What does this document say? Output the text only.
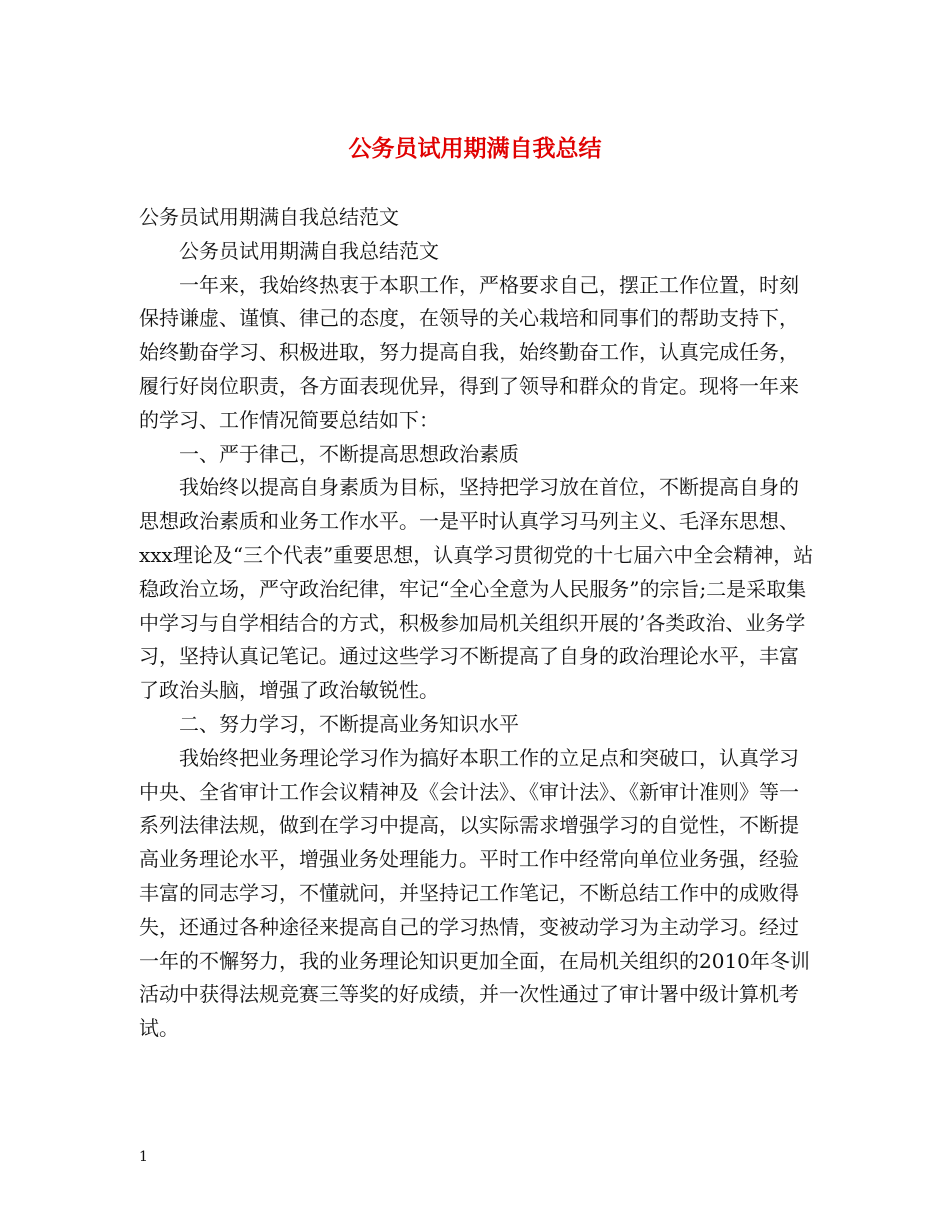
公务员试用期满自我总结

公务员试用期满自我总结范文

公务员试用期满自我总结范文

一年来，我始终热衷于本职工作，严格要求自己，摆正工作位置，时刻保持谦虚、谨慎、律己的态度，在领导的关心栽培和同事们的帮助支持下，始终勤奋学习、积极进取，努力提高自我，始终勤奋工作，认真完成任务，履行好岗位职责，各方面表现优异，得到了领导和群众的肯定。现将一年来的学习、工作情况简要总结如下：

一、严于律己，不断提高思想政治素质

我始终以提高自身素质为目标，坚持把学习放在首位，不断提高自身的思想政治素质和业务工作水平。一是平时认真学习马列主义、毛泽东思想、xxx理论及“三个代表”重要思想，认真学习贯彻党的十七届六中全会精神，站稳政治立场，严守政治纪律，牢记“全心全意为人民服务”的宗旨;二是采取集中学习与自学相结合的方式，积极参加局机关组织开展的’各类政治、业务学习，坚持认真记笔记。通过这些学习不断提高了自身的政治理论水平，丰富了政治头脑，增强了政治敏锐性。

二、努力学习，不断提高业务知识水平

我始终把业务理论学习作为搞好本职工作的立足点和突破口，认真学习中央、全省审计工作会议精神及《会计法》、《审计法》、《新审计准则》等一系列法律法规，做到在学习中提高，以实际需求增强学习的自觉性，不断提高业务理论水平，增强业务处理能力。平时工作中经常向单位业务强，经验丰富的同志学习，不懂就问，并坚持记工作笔记，不断总结工作中的成败得失，还通过各种途径来提高自己的学习热情，变被动学习为主动学习。经过一年的不懈努力，我的业务理论知识更加全面，在局机关组织的2010年冬训活动中获得法规竞赛三等奖的好成绩，并一次性通过了审计署中级计算机考试。

1
